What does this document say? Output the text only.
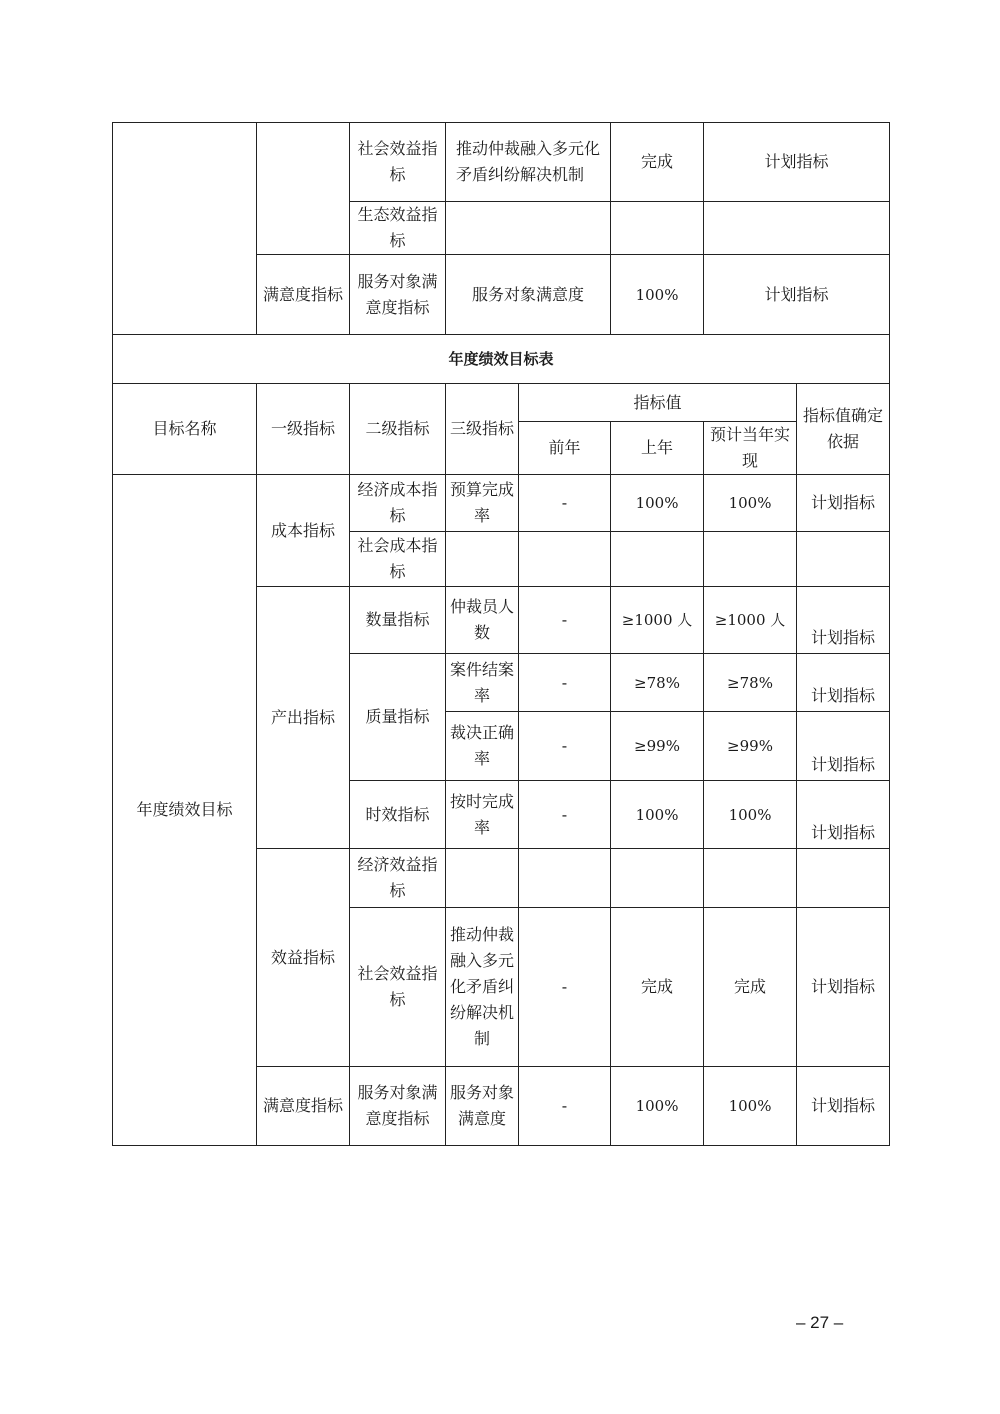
		社会效益指标	推动仲裁融入多元化矛盾纠纷解决机制		完成	计划指标	
		生态效益指标					
	满意度指标	服务对象满意度指标	服务对象满意度		100%	计划指标	
年度绩效目标表							
目标名称	一级指标	二级指标	三级指标	指标值			指标值确定依据
				前年	上年	预计当年实现	
年度绩效目标	成本指标	经济成本指标	预算完成率	-	100%	100%	计划指标
		社会成本指标					
	产出指标	数量指标	仲裁员人数	-	≥1000 人	≥1000 人	计划指标
		质量指标	案件结案率	-	≥78%	≥78%	计划指标
			裁决正确率	-	≥99%	≥99%	计划指标
		时效指标	按时完成率	-	100%	100%	计划指标
	效益指标	经济效益指标					
		社会效益指标	推动仲裁融入多元化矛盾纠纷解决机制	-	完成	完成	计划指标
	满意度指标	服务对象满意度指标	服务对象满意度	-	100%	100%	计划指标
– 27 –
